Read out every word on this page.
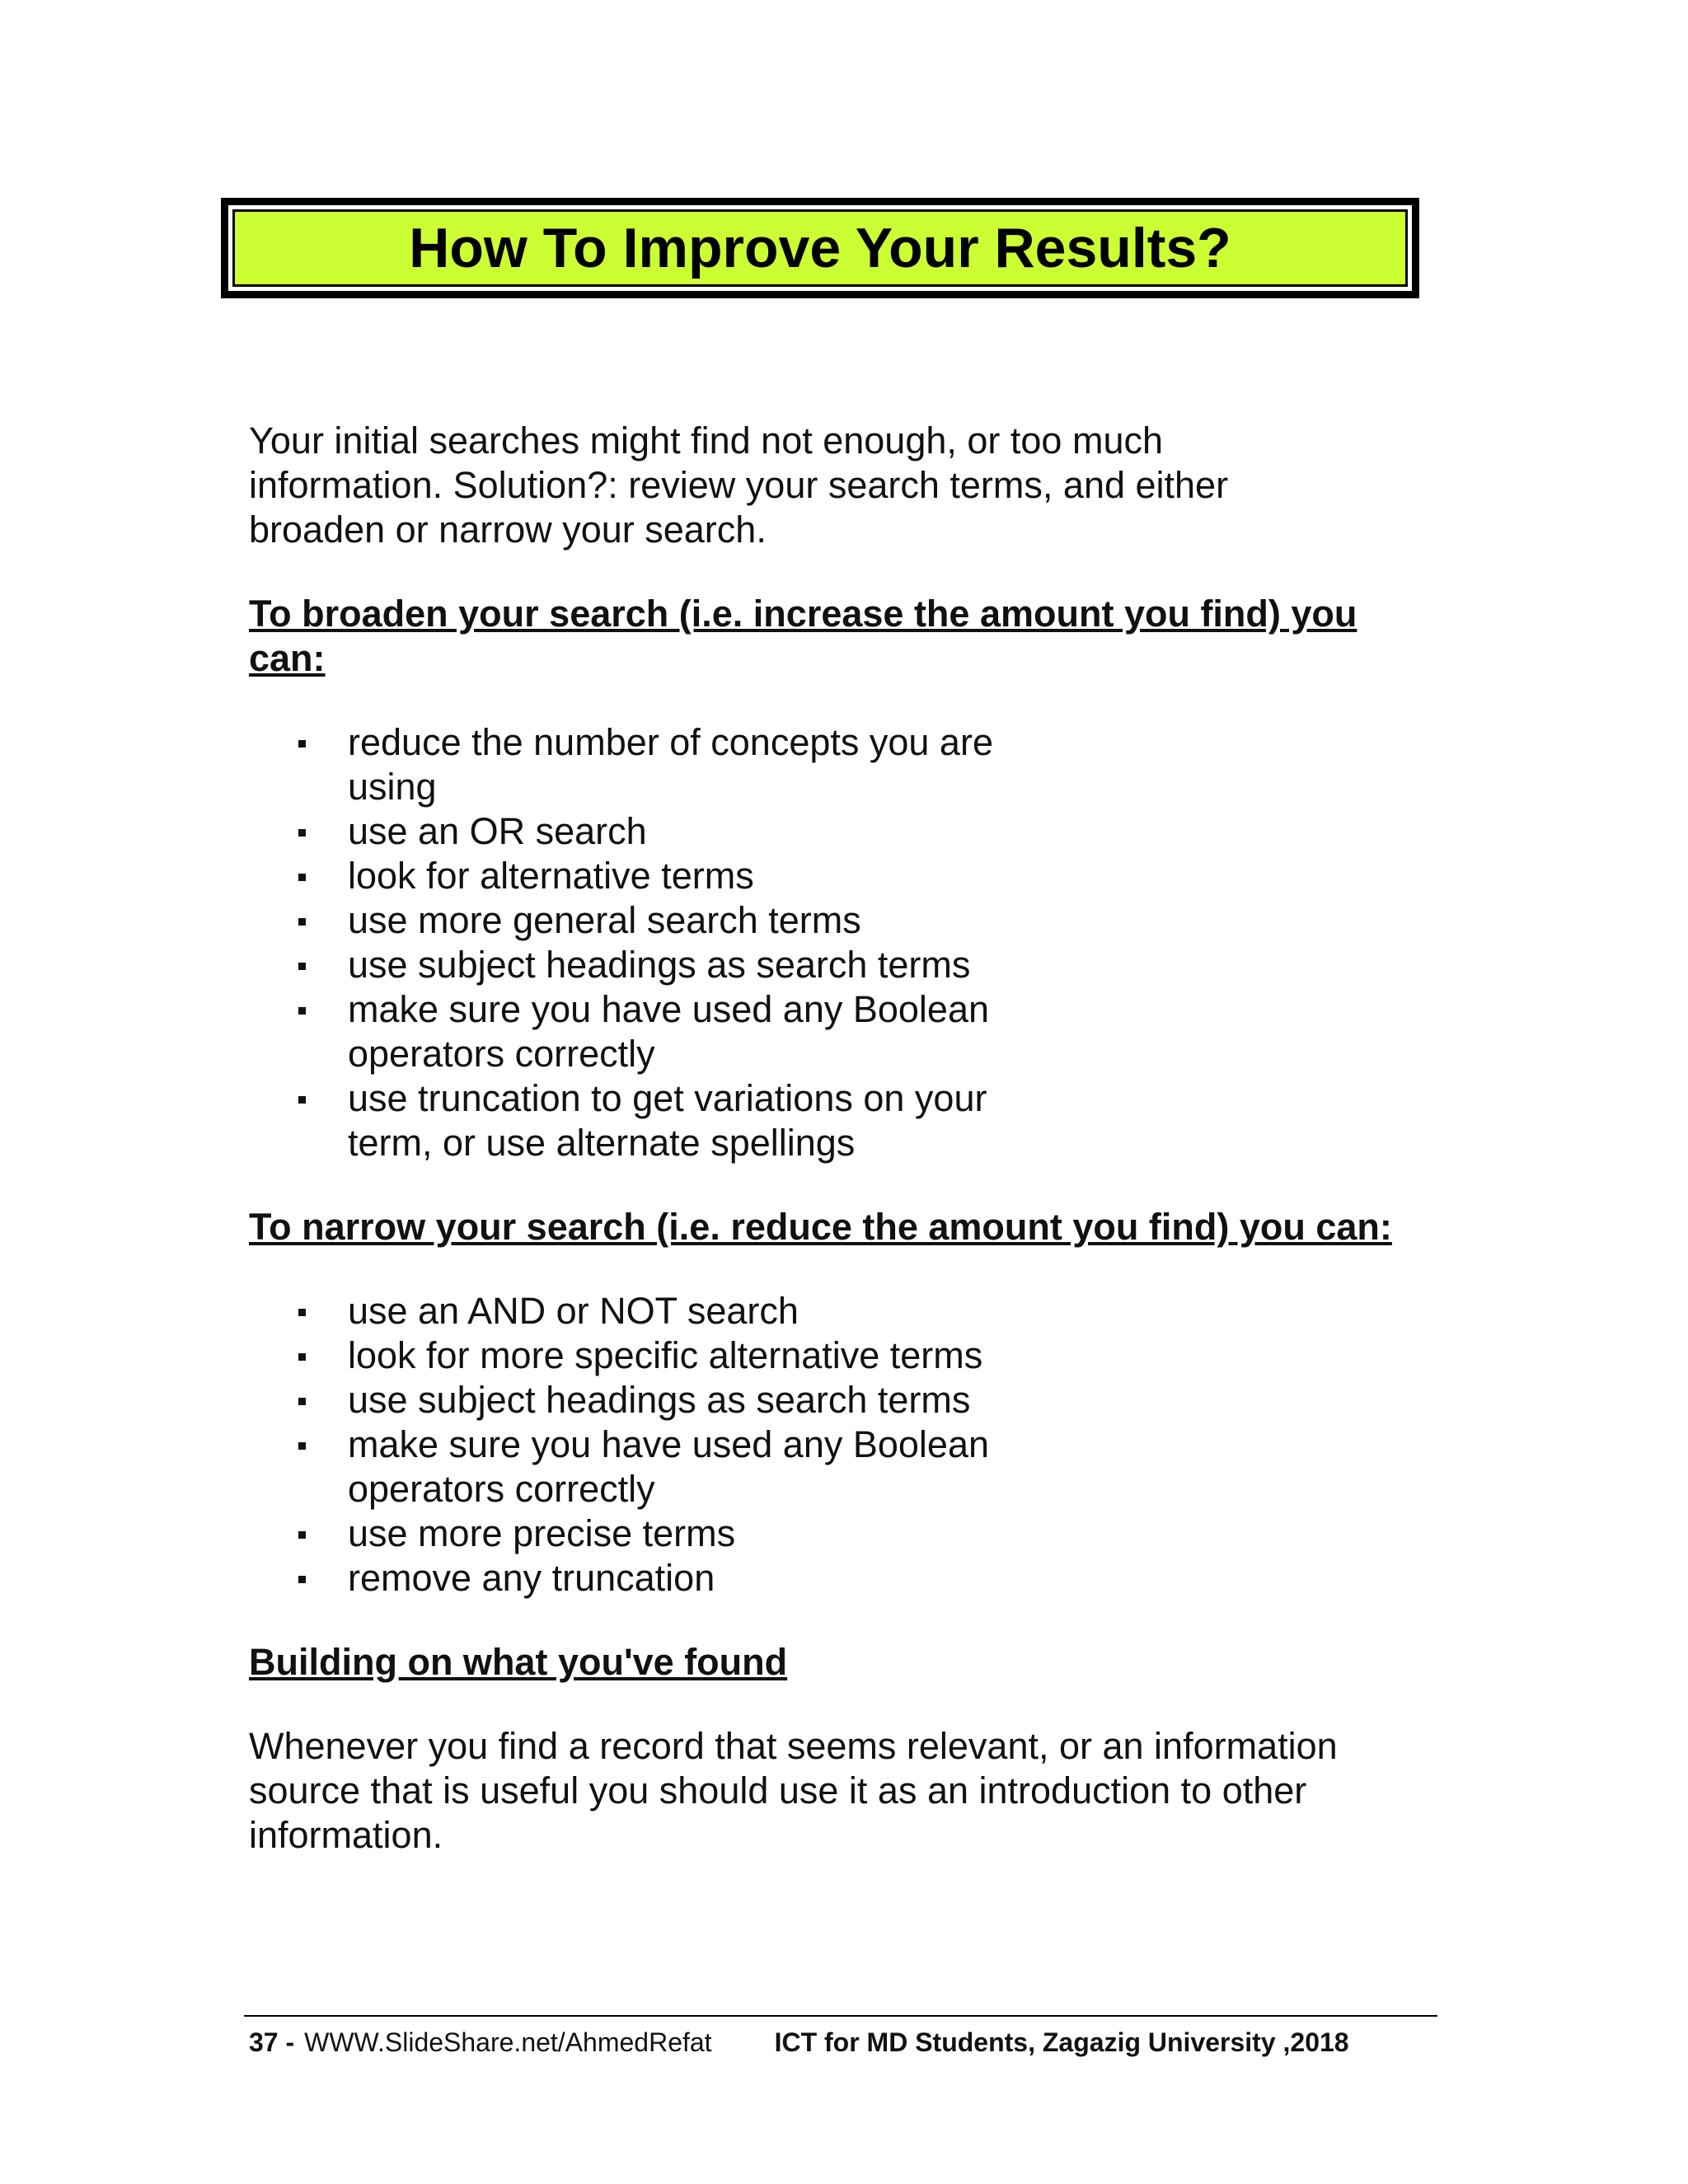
How To Improve Your Results?

Your initial searches might find not enough, or too much information. Solution?: review your search terms, and either broaden or narrow your search.

To broaden your search (i.e. increase the amount you find) you can:

reduce the number of concepts you are using
use an OR search
look for alternative terms
use more general search terms
use subject headings as search terms
make sure you have used any Boolean operators correctly
use truncation to get variations on your term, or use alternate spellings

To narrow your search (i.e. reduce the amount you find) you can:

use an AND or NOT search
look for more specific alternative terms
use subject headings as search terms
make sure you have used any Boolean operators correctly
use more precise terms
remove any truncation

Building on what you've found

Whenever you find a record that seems relevant, or an information source that is useful you should use it as an introduction to other information.

37 - WWW.SlideShare.net/AhmedRefat ICT for MD Students, Zagazig University ,2018
